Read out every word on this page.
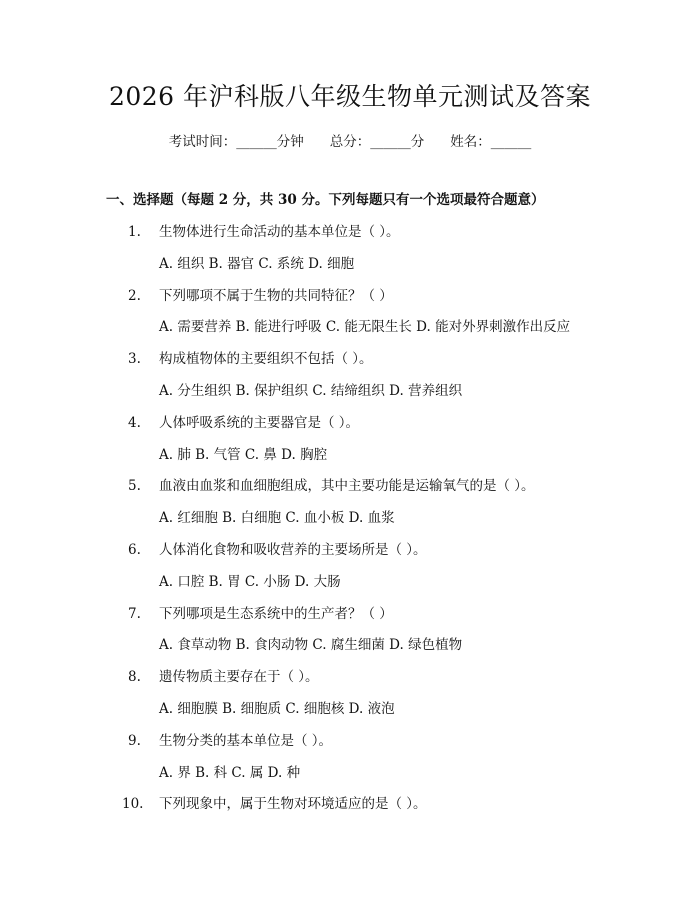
2026 年沪科版八年级生物单元测试及答案
考试时间：______分钟 总分：______分 姓名：______
一、选择题（每题 2 分，共 30 分。下列每题只有一个选项最符合题意）
1.	生物体进行生命活动的基本单位是（ ）。
A. 组织 B. 器官 C. 系统 D. 细胞
2.	下列哪项不属于生物的共同特征？（ ）
A. 需要营养 B. 能进行呼吸 C. 能无限生长 D. 能对外界刺激作出反应
3.	构成植物体的主要组织不包括（ ）。
A. 分生组织 B. 保护组织 C. 结缔组织 D. 营养组织
4.	人体呼吸系统的主要器官是（ ）。
A. 肺 B. 气管 C. 鼻 D. 胸腔
5.	血液由血浆和血细胞组成，其中主要功能是运输氧气的是（ ）。
A. 红细胞 B. 白细胞 C. 血小板 D. 血浆
6.	人体消化食物和吸收营养的主要场所是（ ）。
A. 口腔 B. 胃 C. 小肠 D. 大肠
7.	下列哪项是生态系统中的生产者？（ ）
A. 食草动物 B. 食肉动物 C. 腐生细菌 D. 绿色植物
8.	遗传物质主要存在于（ ）。
A. 细胞膜 B. 细胞质 C. 细胞核 D. 液泡
9.	生物分类的基本单位是（ ）。
A. 界 B. 科 C. 属 D. 种
10. 下列现象中，属于生物对环境适应的是（ ）。
